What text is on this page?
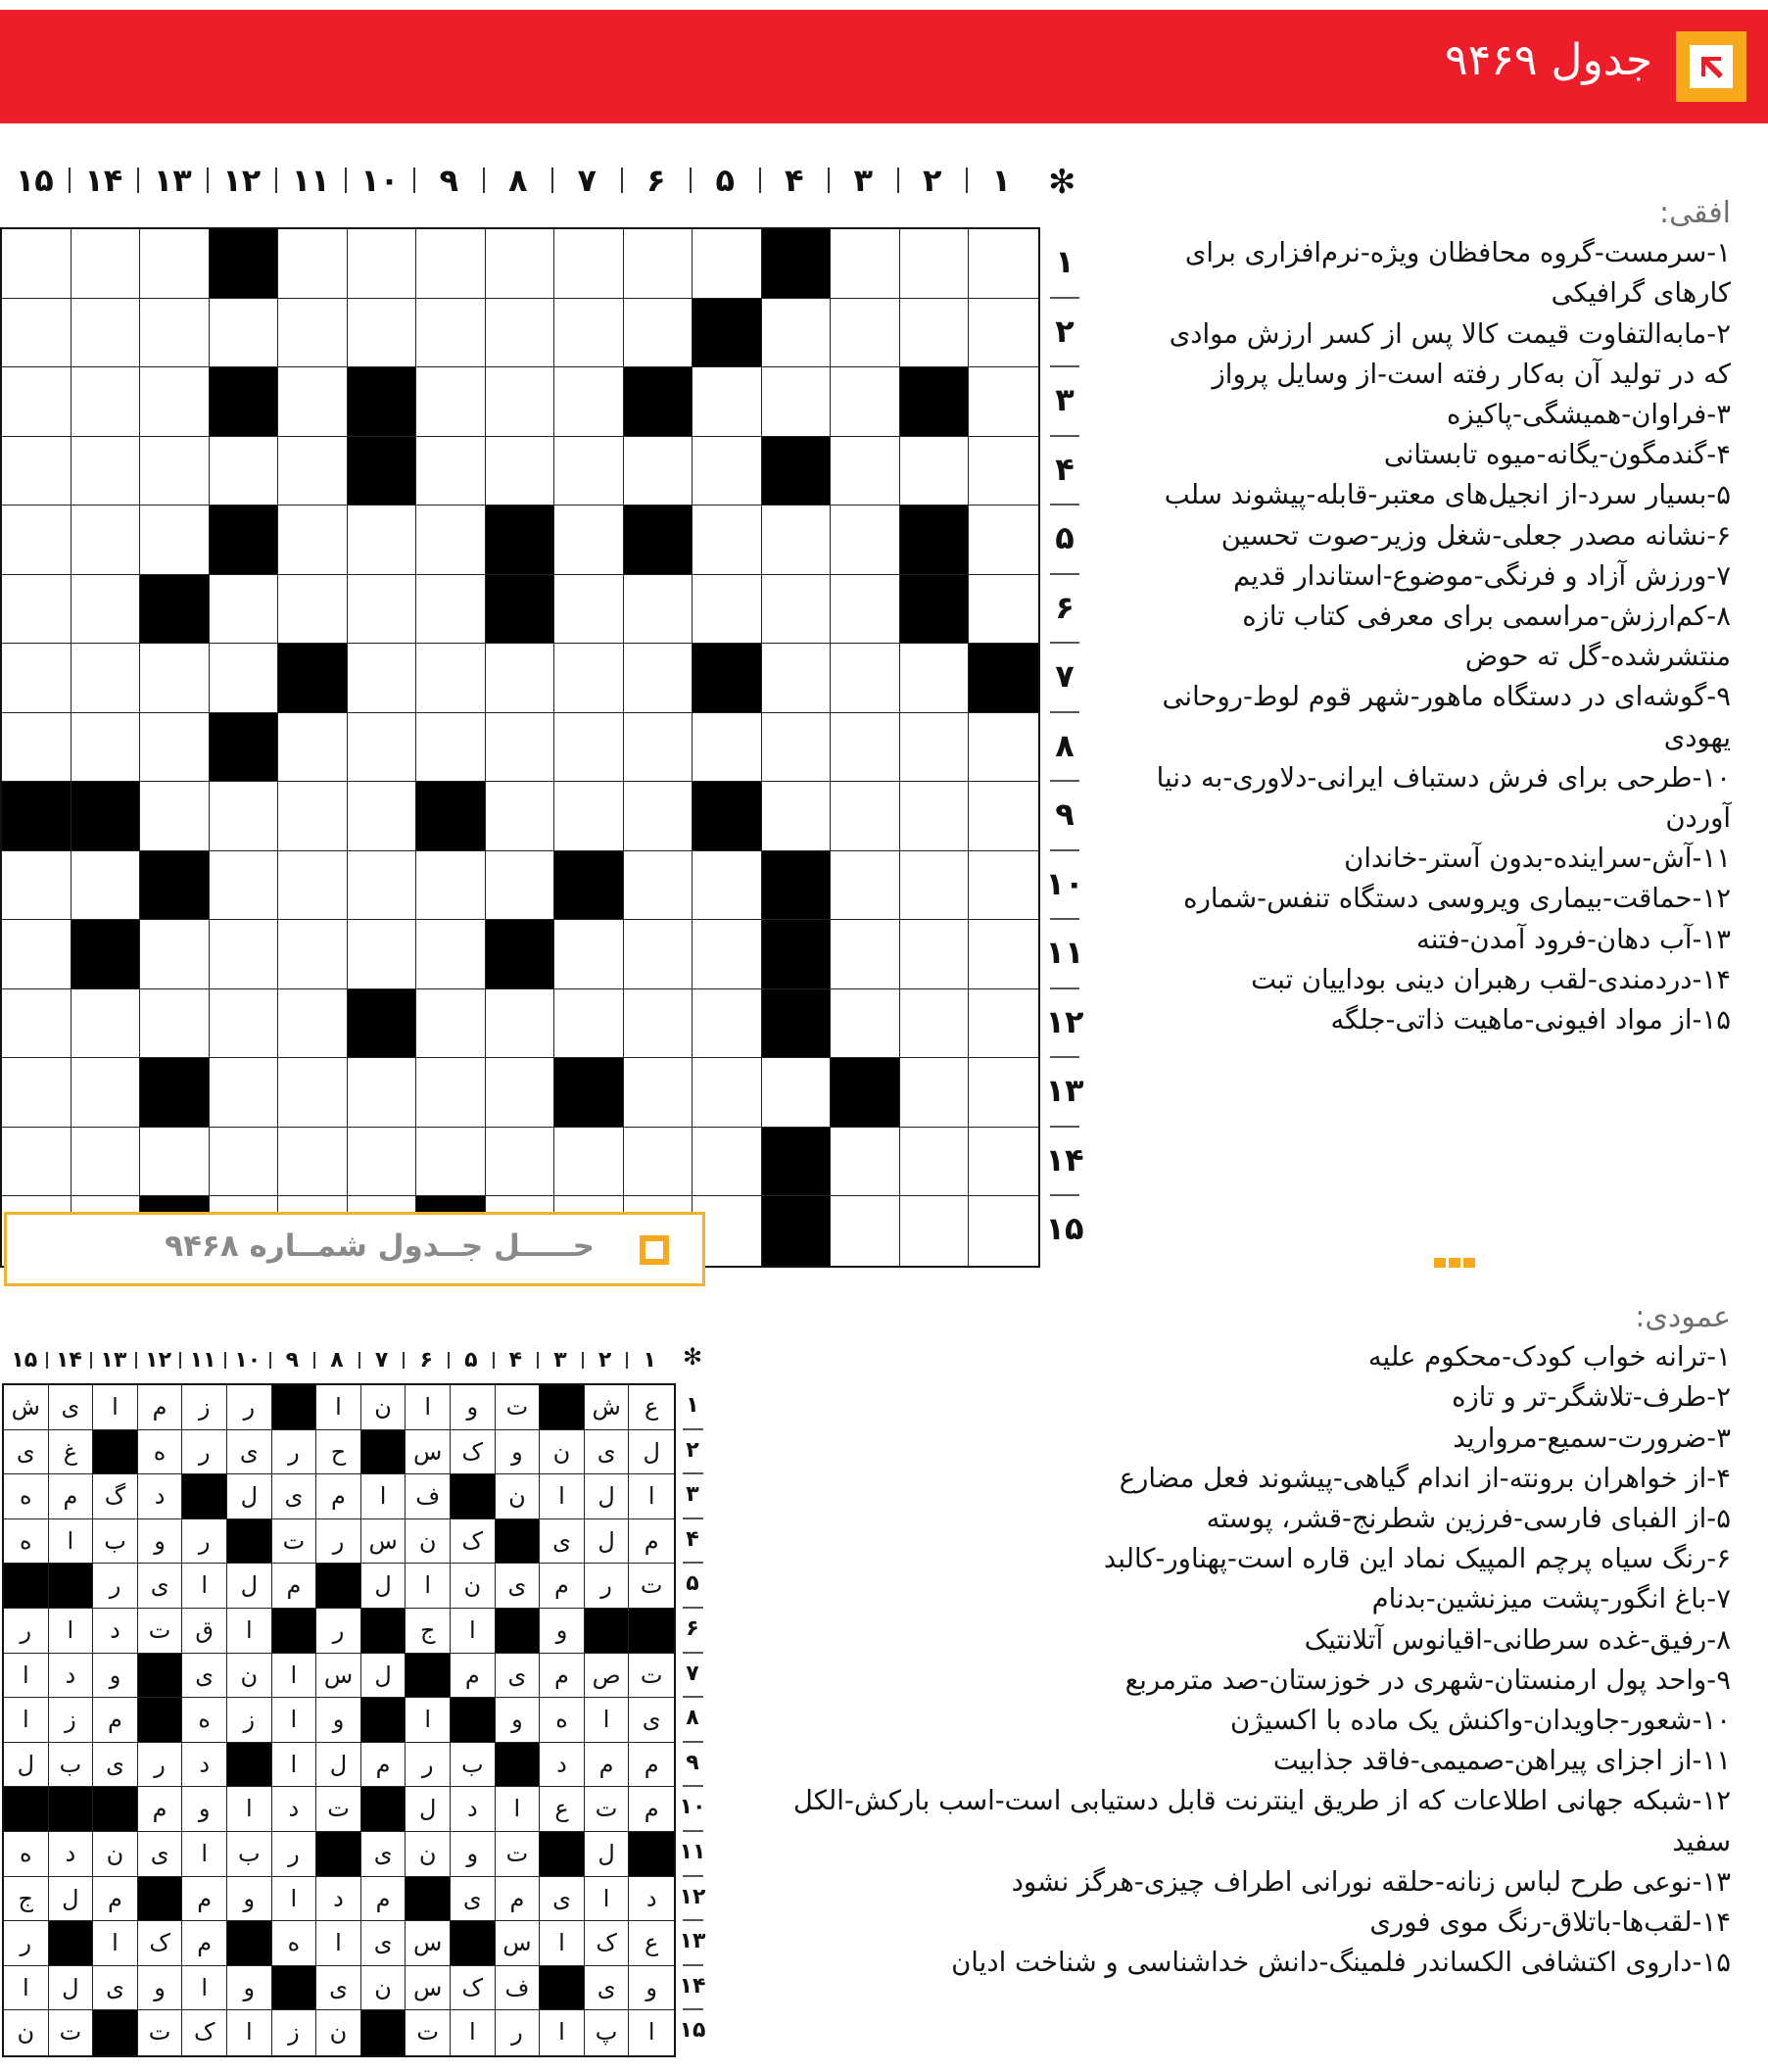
جدول ۹۴۶۹
۱
۲
۳
۴
۵
۶
۷
۸
۹
۱۰
۱۱
۱۲
۱۳
۱۴
۱۵
۱
۲
۳
۴
۵
۶
۷
۸
۹
۱۰
۱۱
۱۲
۱۳
۱۴
۱۵
افقی:
۱-سرمست-گروه محافظان ویژه-نرم‌افزاری برای کارهای گرافیکی
۲-مابه‌التفاوت قیمت کالا پس از کسر ارزش موادی که در تولید آن به‌کار رفته است-از وسایل پرواز
۳-فراوان-همیشگی-پاکیزه
۴-گندمگون-یگانه-میوه تابستانی
۵-بسیار سرد-از انجیل‌های معتبر-قابله-پیشوند سلب
۶-نشانه مصدر جعلی-شغل وزیر-صوت تحسین
۷-ورزش آزاد و فرنگی-موضوع-استاندار قدیم
۸-کم‌ارزش-مراسمی برای معرفی کتاب تازه منتشرشده-گل ته حوض
۹-گوشه‌ای در دستگاه ماهور-شهر قوم لوط-روحانی یهودی
۱۰-طرحی برای فرش دستباف ایرانی-دلاوری-به دنیا آوردن
۱۱-آش-سراینده-بدون آستر-خاندان
۱۲-حماقت-بیماری ویروسی دستگاه تنفس-شماره
۱۳-آب دهان-فرود آمدن-فتنه
۱۴-دردمندی-لقب رهبران دینی بوداییان تبت
۱۵-از مواد افیونی-ماهیت ذاتی-جلگه
عمودی:
۱-ترانه خواب کودک-محکوم علیه
۲-طرف-تلاشگر-تر و تازه
۳-ضرورت-سمیع-مروارید
۴-از خواهران برونته-از اندام گیاهی-پیشوند فعل مضارع
۵-از الفبای فارسی-فرزین شطرنج-قشر، پوسته
۶-رنگ سیاه پرچم المپیک نماد این قاره است-پهناور-کالبد
۷-باغ انگور-پشت میزنشین-بدنام
۸-رفیق-غده سرطانی-اقیانوس آتلانتیک
۹-واحد پول ارمنستان-شهری در خوزستان-صد مترمربع
۱۰-شعور-جاویدان-واکنش یک ماده با اکسیژن
۱۱-از اجزای پیراهن-صمیمی-فاقد جذابیت
۱۲-شبکه جهانی اطلاعات که از طریق اینترنت قابل دستیابی است-اسب بارکش-الکل سفید
۱۳-نوعی طرح لباس زنانه-حلقه نورانی اطراف چیزی-هرگز نشود
۱۴-لقب‌ها-باتلاق-رنگ موی فوری
۱۵-داروی اکتشافی الکساندر فلمینگ-دانش خداشناسی و شناخت ادیان
حـــــل جــدول شمــاره ۹۴۶۸
۱
۲
۳
۴
۵
۶
۷
۸
۹
۱۰
۱۱
۱۲
۱۳
۱۴
۱۵
ع
ش
ت
و
ا
ن
ا
ر
ز
م
ا
ی
ش
ل
ی
ن
و
ک
س
ح
ر
ی
ر
ه
غ
ی
ا
ل
ا
ن
ف
ا
م
ی
ل
د
گ
م
ه
م
ل
ی
ک
ن
س
ر
ت
ر
و
ب
ا
ه
ت
ر
م
ی
ن
ا
ل
م
ل
ا
ی
ر
و
ا
ج
ر
ا
ق
ت
د
ا
ر
ت
ص
م
ی
م
ل
س
ا
ن
ی
و
د
ا
ی
ا
ه
و
ا
و
ا
ز
ه
م
ز
ا
م
م
د
ب
ر
م
ل
ا
د
ر
ی
ب
ل
م
ت
ع
ا
د
ل
ت
د
ا
و
م
ل
ت
و
ن
ی
ر
ب
ا
ی
ن
د
ه
د
ا
ی
م
ی
م
د
ا
و
م
م
ل
ج
ع
ک
ا
س
س
ی
ا
ه
م
ک
ا
ر
و
ی
ف
ک
س
ن
ی
و
ا
و
ی
ل
ا
ا
پ
ا
ر
ا
ت
ن
ز
ا
ک
ت
ت
ن
۱
۲
۳
۴
۵
۶
۷
۸
۹
۱۰
۱۱
۱۲
۱۳
۱۴
۱۵
✻
✻
